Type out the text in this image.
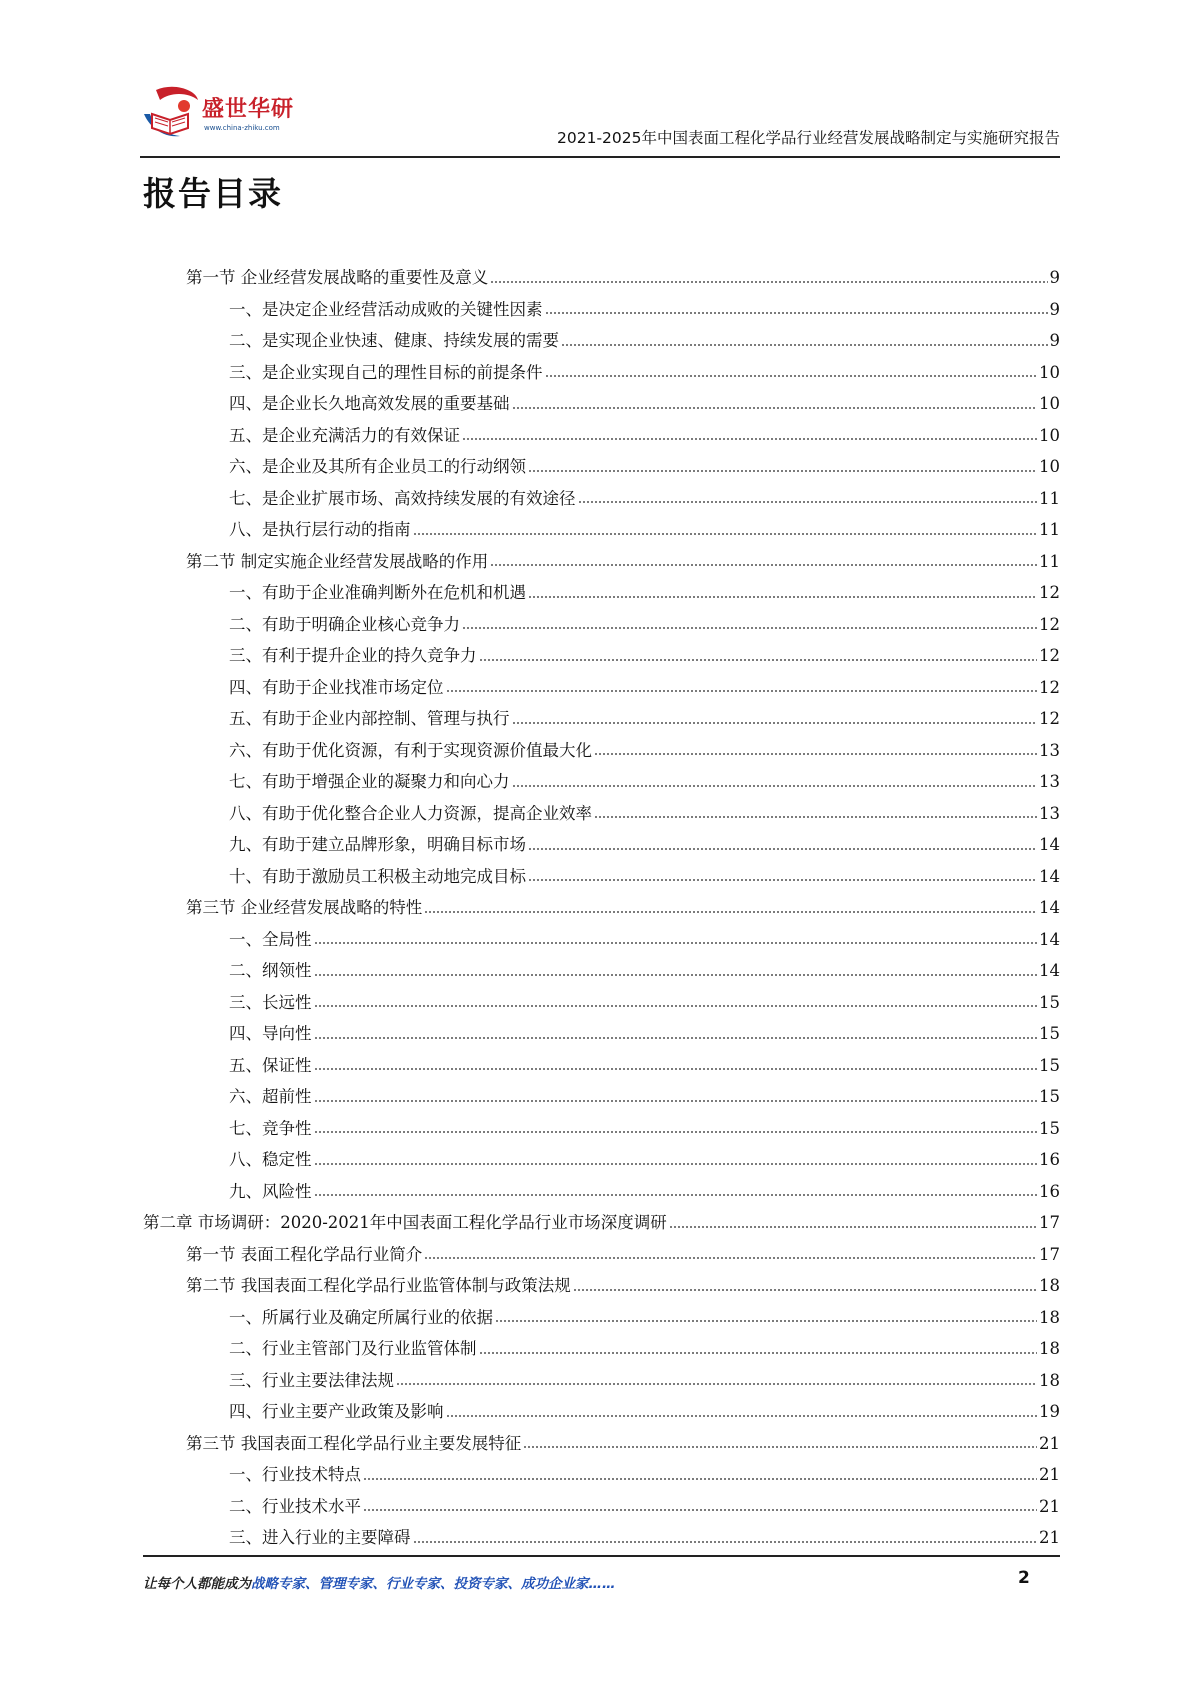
盛世华研
www.china-zhiku.com
2021-2025年中国表面工程化学品行业经营发展战略制定与实施研究报告
报告目录
第一节 企业经营发展战略的重要性及意义	9
一、是决定企业经营活动成败的关键性因素	9
二、是实现企业快速、健康、持续发展的需要	9
三、是企业实现自己的理性目标的前提条件	10
四、是企业长久地高效发展的重要基础	10
五、是企业充满活力的有效保证	10
六、是企业及其所有企业员工的行动纲领	10
七、是企业扩展市场、高效持续发展的有效途径	11
八、是执行层行动的指南	11
第二节 制定实施企业经营发展战略的作用	11
一、有助于企业准确判断外在危机和机遇	12
二、有助于明确企业核心竞争力	12
三、有利于提升企业的持久竞争力	12
四、有助于企业找准市场定位	12
五、有助于企业内部控制、管理与执行	12
六、有助于优化资源，有利于实现资源价值最大化	13
七、有助于增强企业的凝聚力和向心力	13
八、有助于优化整合企业人力资源，提高企业效率	13
九、有助于建立品牌形象，明确目标市场	14
十、有助于激励员工积极主动地完成目标	14
第三节 企业经营发展战略的特性	14
一、全局性	14
二、纲领性	14
三、长远性	15
四、导向性	15
五、保证性	15
六、超前性	15
七、竞争性	15
八、稳定性	16
九、风险性	16
第二章 市场调研：2020-2021年中国表面工程化学品行业市场深度调研	17
第一节 表面工程化学品行业简介	17
第二节 我国表面工程化学品行业监管体制与政策法规	18
一、所属行业及确定所属行业的依据	18
二、行业主管部门及行业监管体制	18
三、行业主要法律法规	18
四、行业主要产业政策及影响	19
第三节 我国表面工程化学品行业主要发展特征	21
一、行业技术特点	21
二、行业技术水平	21
三、进入行业的主要障碍	21
让每个人都能成为战略专家、管理专家、行业专家、投资专家、成功企业家……	2
